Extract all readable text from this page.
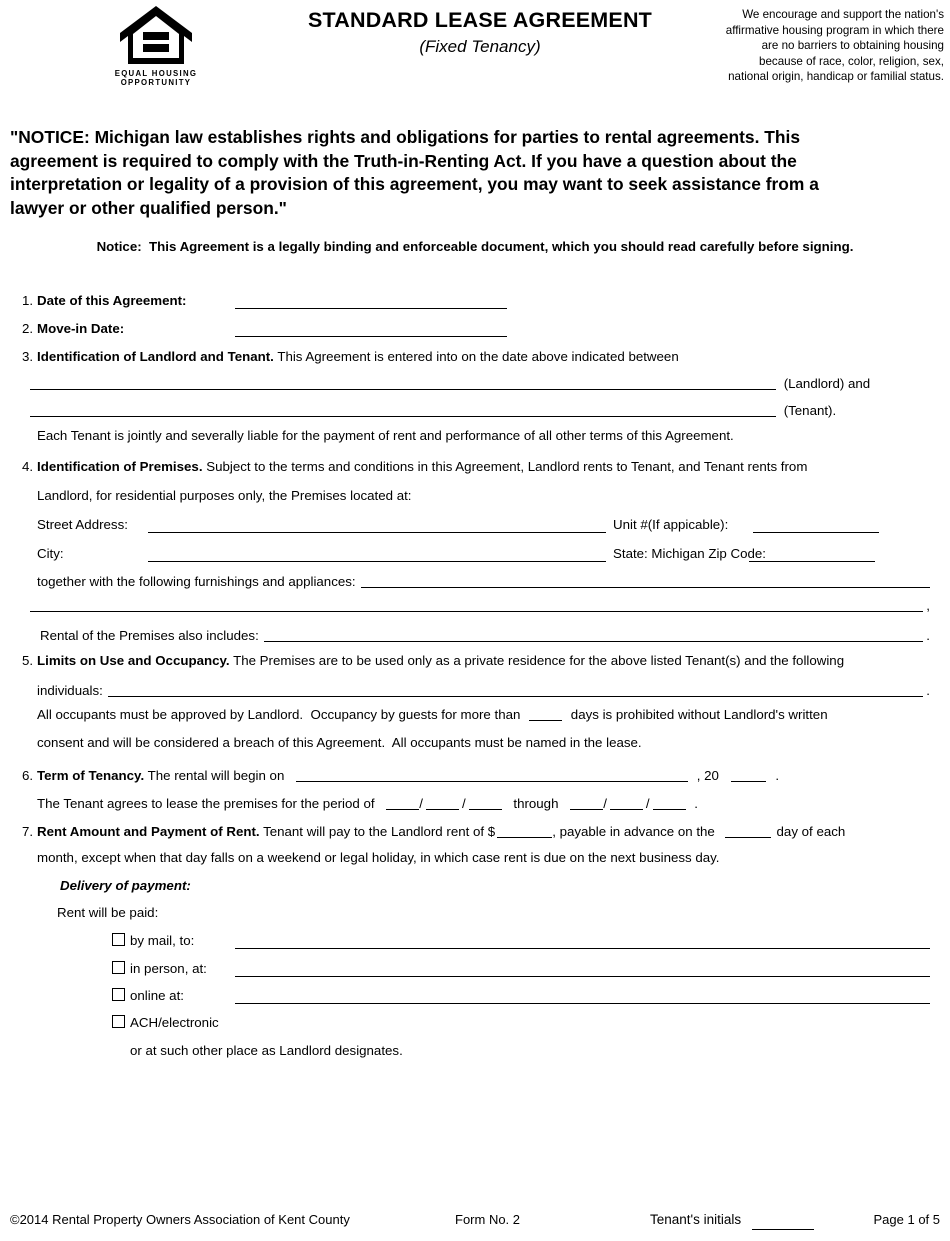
EQUAL HOUSING
OPPORTUNITY
STANDARD LEASE AGREEMENT
(Fixed Tenancy)
We encourage and support the nation's
affirmative housing program in which there
are no barriers to obtaining housing
because of race, color, religion, sex,
national origin, handicap or familial status.
"NOTICE: Michigan law establishes rights and obligations for parties to rental agreements. This
agreement is required to comply with the Truth-in-Renting Act. If you have a question about the
interpretation or legality of a provision of this agreement, you may want to seek assistance from a
lawyer or other qualified person."
Notice:  This Agreement is a legally binding and enforceable document, which you should read carefully before signing.
1. Date of this Agreement:
2. Move-in Date:
3. Identification of Landlord and Tenant. This Agreement is entered into on the date above indicated between
(Landlord) and
(Tenant).
Each Tenant is jointly and severally liable for the payment of rent and performance of all other terms of this Agreement.
4. Identification of Premises. Subject to the terms and conditions in this Agreement, Landlord rents to Tenant, and Tenant rents from
Landlord, for residential purposes only, the Premises located at:
Street Address:	Unit #(If appicable):
City:	State: Michigan Zip Code:
together with the following furnishings and appliances:
,
Rental of the Premises also includes:	.
5. Limits on Use and Occupancy. The Premises are to be used only as a private residence for the above listed Tenant(s) and the following
individuals:	.
All occupants must be approved by Landlord.  Occupancy by guests for more than	days is prohibited without Landlord's written
consent and will be considered a breach of this Agreement.  All occupants must be named in the lease.
6. Term of Tenancy. The rental will begin on	, 20	.
The Tenant agrees to lease the premises for the period of	/	/	through	/	/	.
7. Rent Amount and Payment of Rent. Tenant will pay to the Landlord rent of $	, payable in advance on the	day of each
month, except when that day falls on a weekend or legal holiday, in which case rent is due on the next business day.
Delivery of payment:
Rent will be paid:
by mail, to:
in person, at:
online at:
ACH/electronic
or at such other place as Landlord designates.
©2014 Rental Property Owners Association of Kent County	Form No. 2	Tenant's initials	Page 1 of 5
